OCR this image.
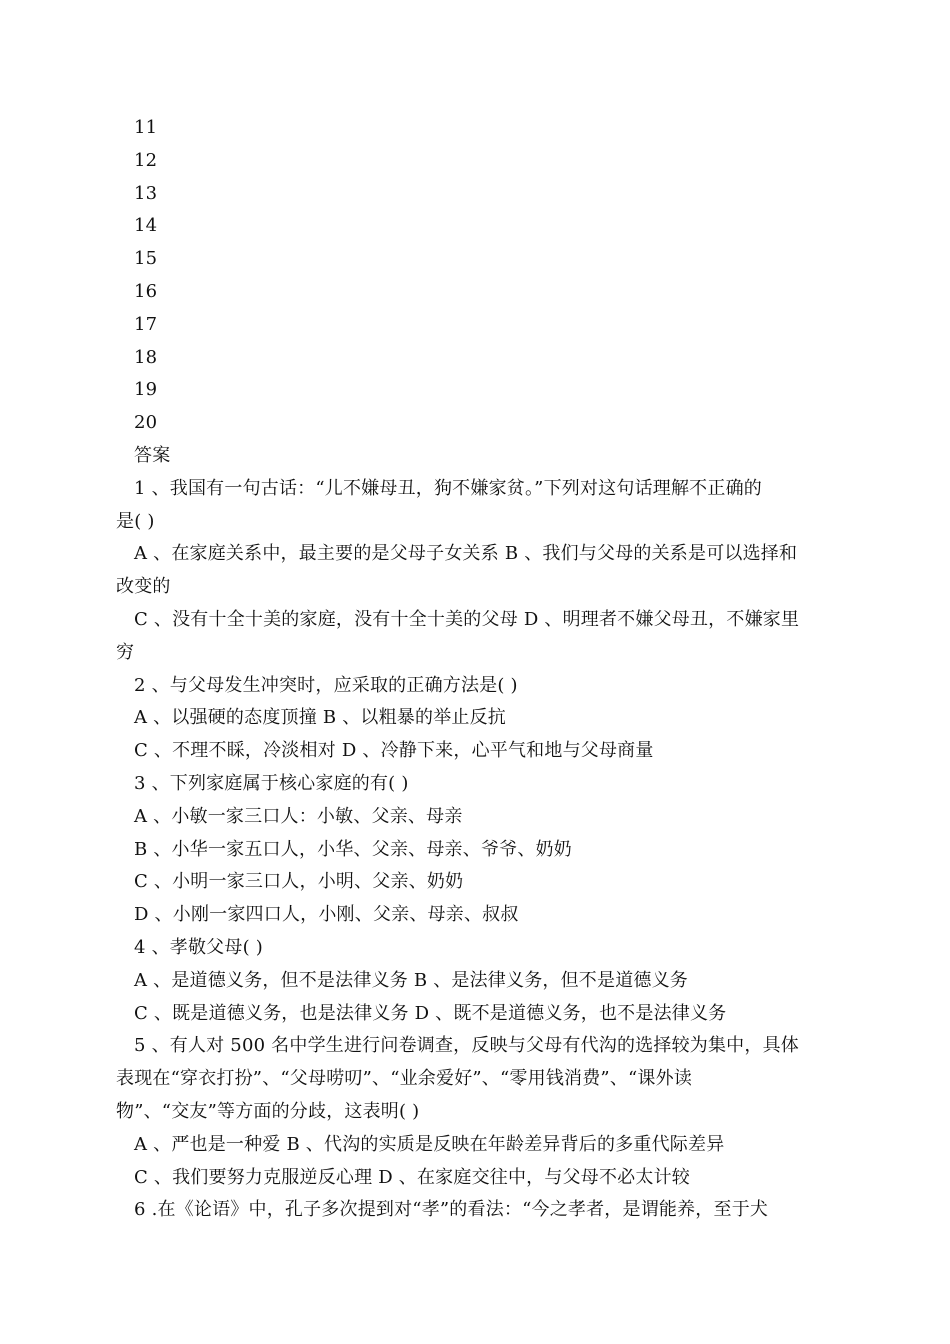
11
12
13
14
15
16
17
18
19
20
答案
1 、我国有一句古话：“儿不嫌母丑，狗不嫌家贫。”下列对这句话理解不正确的
是( )
A 、在家庭关系中，最主要的是父母子女关系 B 、我们与父母的关系是可以选择和
改变的
C 、没有十全十美的家庭，没有十全十美的父母 D 、明理者不嫌父母丑，不嫌家里
穷
2 、与父母发生冲突时，应采取的正确方法是( )
A 、以强硬的态度顶撞 B 、以粗暴的举止反抗
C 、不理不睬，冷淡相对 D 、冷静下来，心平气和地与父母商量
3 、下列家庭属于核心家庭的有( )
A 、小敏一家三口人：小敏、父亲、母亲
B 、小华一家五口人，小华、父亲、母亲、爷爷、奶奶
C 、小明一家三口人，小明、父亲、奶奶
D 、小刚一家四口人，小刚、父亲、母亲、叔叔
4 、孝敬父母( )
A 、是道德义务，但不是法律义务 B 、是法律义务，但不是道德义务
C 、既是道德义务，也是法律义务 D 、既不是道德义务，也不是法律义务
5 、有人对 500 名中学生进行问卷调查，反映与父母有代沟的选择较为集中，具体
表现在“穿衣打扮”、“父母唠叨”、“业余爱好”、“零用钱消费”、“课外读
物”、“交友”等方面的分歧，这表明( )
A 、严也是一种爱 B 、代沟的实质是反映在年龄差异背后的多重代际差异
C 、我们要努力克服逆反心理 D 、在家庭交往中，与父母不必太计较
6 .在《论语》中，孔子多次提到对“孝”的看法：“今之孝者，是谓能养，至于犬
